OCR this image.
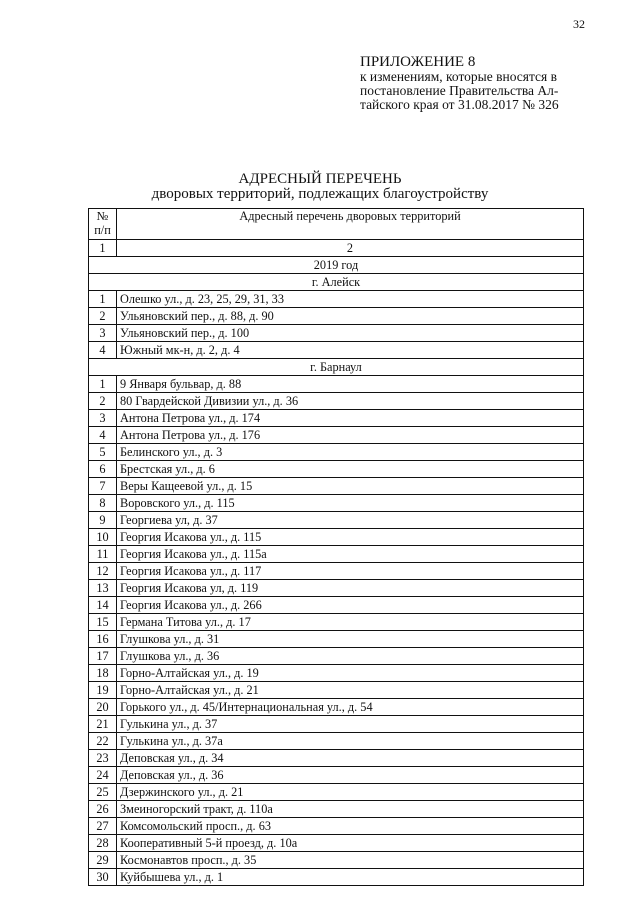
32
ПРИЛОЖЕНИЕ 8
к изменениям, которые вносятся в
постановление Правительства Ал-
тайского края от 31.08.2017 № 326
АДРЕСНЫЙ ПЕРЕЧЕНЬ
дворовых территорий, подлежащих благоустройству
№
п/п	Адресный перечень дворовых территорий
1	2
2019 год	
г. Алейск	
1	Олешко ул., д. 23, 25, 29, 31, 33
2	Ульяновский пер., д. 88, д. 90
3	Ульяновский пер., д. 100
4	Южный мк-н, д. 2, д. 4
г. Барнаул	
1	9 Января бульвар, д. 88
2	80 Гвардейской Дивизии ул., д. 36
3	Антона Петрова ул., д. 174
4	Антона Петрова ул., д. 176
5	Белинского ул., д. 3
6	Брестская ул., д. 6
7	Веры Кащеевой ул., д. 15
8	Воровского ул., д. 115
9	Георгиева ул, д. 37
10	Георгия Исакова ул., д. 115
11	Георгия Исакова ул., д. 115а
12	Георгия Исакова ул., д. 117
13	Георгия Исакова ул, д. 119
14	Георгия Исакова ул., д. 266
15	Германа Титова ул., д. 17
16	Глушкова ул., д. 31
17	Глушкова ул., д. 36
18	Горно-Алтайская ул., д. 19
19	Горно-Алтайская ул., д. 21
20	Горького ул., д. 45/Интернациональная ул., д. 54
21	Гулькина ул., д. 37
22	Гулькина ул., д. 37а
23	Деповская ул., д. 34
24	Деповская ул., д. 36
25	Дзержинского ул., д. 21
26	Змеиногорский тракт, д. 110а
27	Комсомольский просп., д. 63
28	Кооперативный 5-й проезд, д. 10а
29	Космонавтов просп., д. 35
30	Куйбышева ул., д. 1
